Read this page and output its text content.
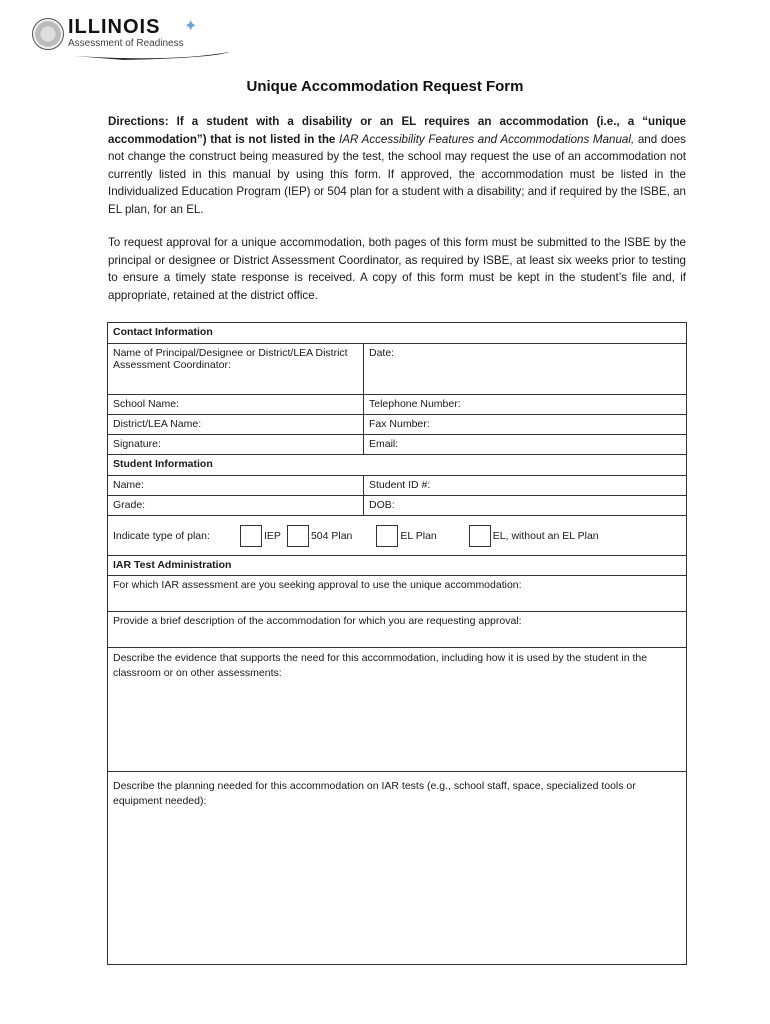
ILLINOIS ✦
Assessment of Readiness
Unique Accommodation Request Form
Directions: If a student with a disability or an EL requires an accommodation (i.e., a “unique accommodation”) that is not listed in the IAR Accessibility Features and Accommodations Manual, and does not change the construct being measured by the test, the school may request the use of an accommodation not currently listed in this manual by using this form. If approved, the accommodation must be listed in the Individualized Education Program (IEP) or 504 plan for a student with a disability; and if required by the ISBE, an EL plan, for an EL.
To request approval for a unique accommodation, both pages of this form must be submitted to the ISBE by the principal or designee or District Assessment Coordinator, as required by ISBE, at least six weeks prior to testing to ensure a timely state response is received. A copy of this form must be kept in the student’s file and, if appropriate, retained at the district office.
Contact Information
Name of Principal/Designee or District/LEA District Assessment Coordinator:
Date:
School Name:	Telephone Number:
District/LEA Name:	Fax Number:
Signature:	Email:
Student Information
Name:	Student ID #:
Grade:	DOB:
Indicate type of plan:	IEP	504 Plan	EL Plan	EL, without an EL Plan
IAR Test Administration
For which IAR assessment are you seeking approval to use the unique accommodation:
Provide a brief description of the accommodation for which you are requesting approval:
Describe the evidence that supports the need for this accommodation, including how it is used by the student in the classroom or on other assessments:
Describe the planning needed for this accommodation on IAR tests (e.g., school staff, space, specialized tools or equipment needed):
